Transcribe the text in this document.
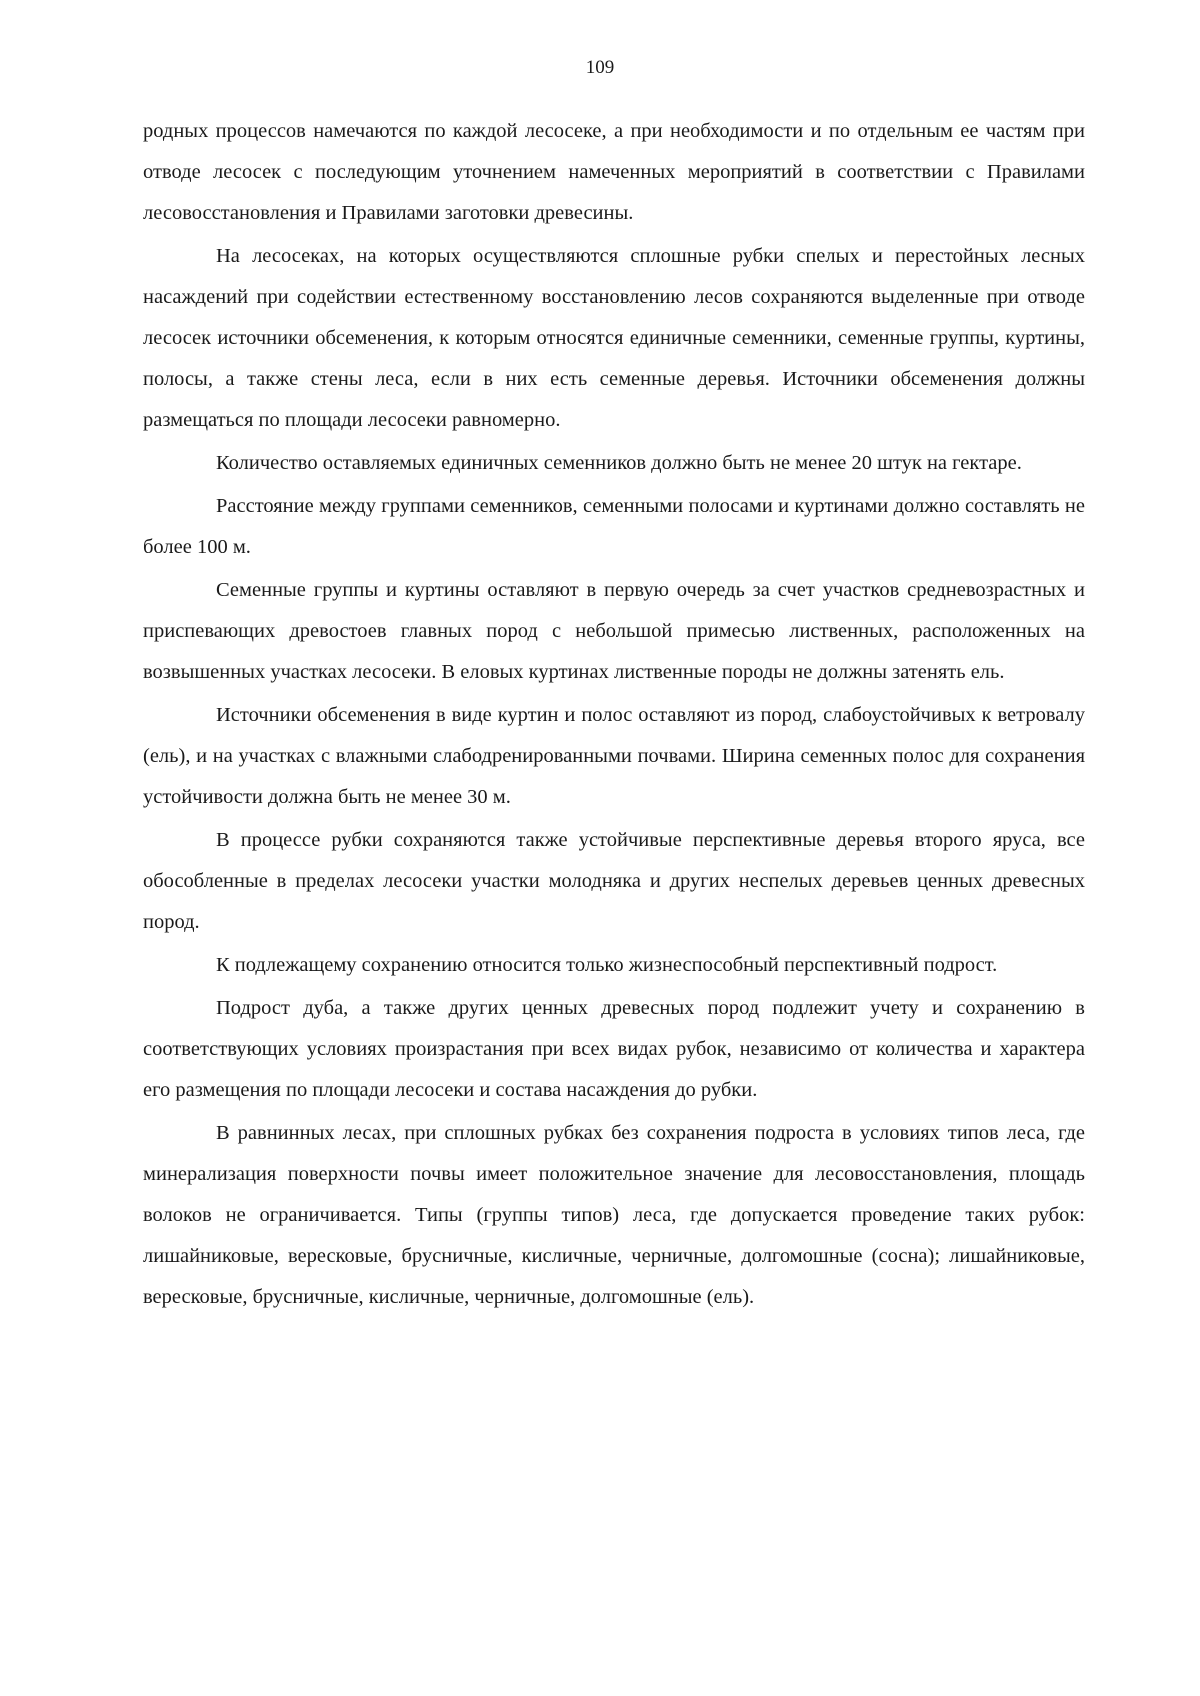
109

родных процессов намечаются по каждой лесосеке, а при необходимости и по отдельным ее частям при отводе лесосек с последующим уточнением намеченных мероприятий в соответствии с Правилами лесовосстановления и Правилами заготовки древесины.

На лесосеках, на которых осуществляются сплошные рубки спелых и перестойных лесных насаждений при содействии естественному восстановлению лесов сохраняются выделенные при отводе лесосек источники обсеменения, к которым относятся единичные семенники, семенные группы, куртины, полосы, а также стены леса, если в них есть семенные деревья. Источники обсеменения должны размещаться по площади лесосеки равномерно.

Количество оставляемых единичных семенников должно быть не менее 20 штук на гектаре.

Расстояние между группами семенников, семенными полосами и куртинами должно составлять не более 100 м.

Семенные группы и куртины оставляют в первую очередь за счет участков средневозрастных и приспевающих древостоев главных пород с небольшой примесью лиственных, расположенных на возвышенных участках лесосеки. В еловых куртинах лиственные породы не должны затенять ель.

Источники обсеменения в виде куртин и полос оставляют из пород, слабоустойчивых к ветровалу (ель), и на участках с влажными слабодренированными почвами. Ширина семенных полос для сохранения устойчивости должна быть не менее 30 м.

В процессе рубки сохраняются также устойчивые перспективные деревья второго яруса, все обособленные в пределах лесосеки участки молодняка и других неспелых деревьев ценных древесных пород.

К подлежащему сохранению относится только жизнеспособный перспективный подрост.

Подрост дуба, а также других ценных древесных пород подлежит учету и сохранению в соответствующих условиях произрастания при всех видах рубок, независимо от количества и характера его размещения по площади лесосеки и состава насаждения до рубки.

В равнинных лесах, при сплошных рубках без сохранения подроста в условиях типов леса, где минерализация поверхности почвы имеет положительное значение для лесовосстановления, площадь волоков не ограничивается. Типы (группы типов) леса, где допускается проведение таких рубок: лишайниковые, вересковые, брусничные, кисличные, черничные, долгомошные (сосна); лишайниковые, вересковые, брусничные, кисличные, черничные, долгомошные (ель).
